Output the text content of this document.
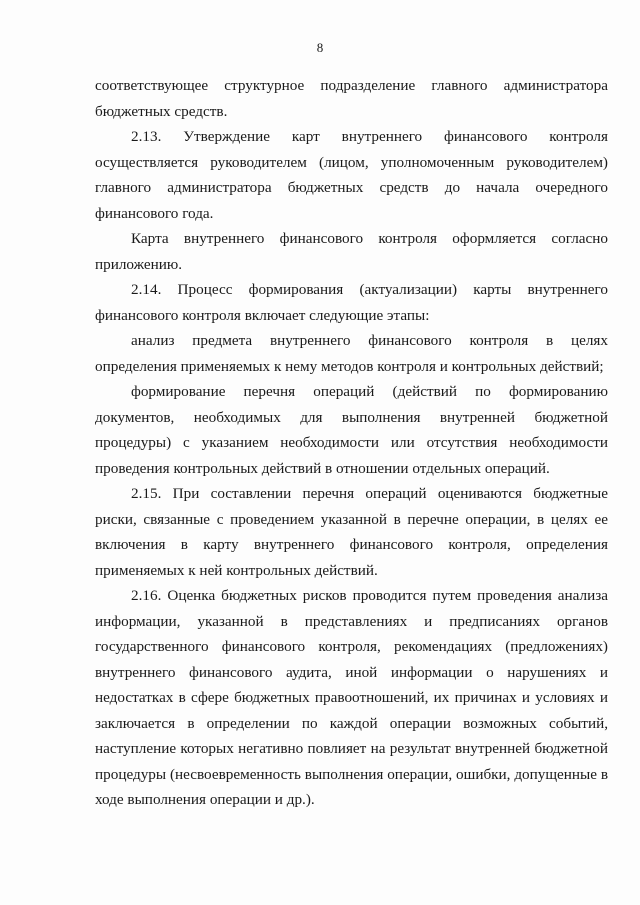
8

соответствующее структурное подразделение главного администратора бюджетных средств.

2.13. Утверждение карт внутреннего финансового контроля осуществляется руководителем (лицом, уполномоченным руководителем) главного администратора бюджетных средств до начала очередного финансового года.

Карта внутреннего финансового контроля оформляется согласно приложению.

2.14. Процесс формирования (актуализации) карты внутреннего финансового контроля включает следующие этапы:

анализ предмета внутреннего финансового контроля в целях определения применяемых к нему методов контроля и контрольных действий;

формирование перечня операций (действий по формированию документов, необходимых для выполнения внутренней бюджетной процедуры) с указанием необходимости или отсутствия необходимости проведения контрольных действий в отношении отдельных операций.

2.15. При составлении перечня операций оцениваются бюджетные риски, связанные с проведением указанной в перечне операции, в целях ее включения в карту внутреннего финансового контроля, определения применяемых к ней контрольных действий.

2.16. Оценка бюджетных рисков проводится путем проведения анализа информации, указанной в представлениях и предписаниях органов государственного финансового контроля, рекомендациях (предложениях) внутреннего финансового аудита, иной информации о нарушениях и недостатках в сфере бюджетных правоотношений, их причинах и условиях и заключается в определении по каждой операции возможных событий, наступление которых негативно повлияет на результат внутренней бюджетной процедуры (несвоевременность выполнения операции, ошибки, допущенные в ходе выполнения операции и др.).
